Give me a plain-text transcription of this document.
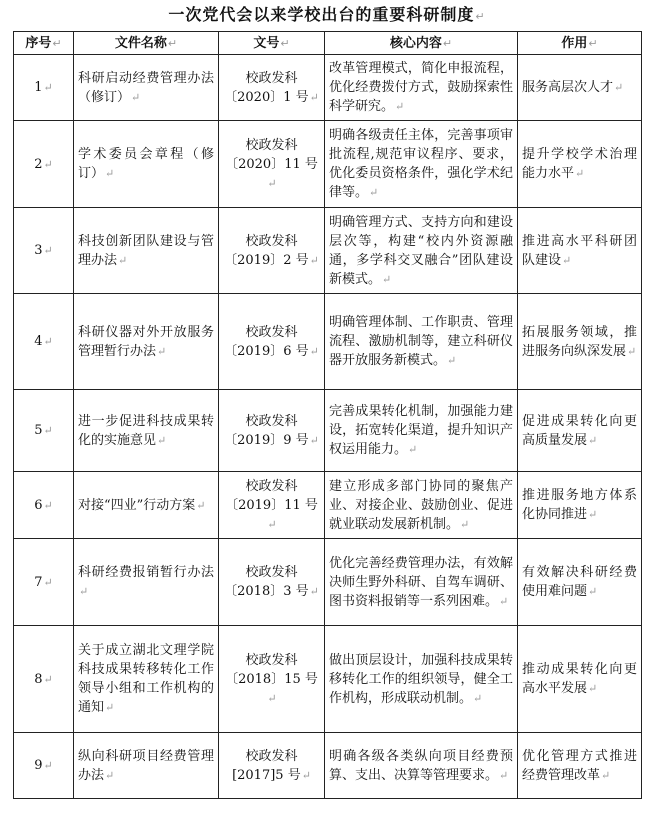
一次党代会以来学校出台的重要科研制度↵
序号↵	文件名称↵	文号↵	核心内容↵	作用↵
1↵	科研启动经费管理办法（修订）↵	校政发科
〔2020〕1 号↵	改革管理模式，简化申报流程，优化经费拨付方式，鼓励探索性科学研究。↵	服务高层次人才↵
2↵	学术委员会章程（修订）↵	校政发科
〔2020〕11 号↵	明确各级责任主体，完善事项审批流程,规范审议程序、要求，优化委员资格条件，强化学术纪律等。↵	提升学校学术治理能力水平↵
3↵	科技创新团队建设与管理办法↵	校政发科
〔2019〕2 号↵	明确管理方式、支持方向和建设层次等，构建“校内外资源融通，多学科交叉融合”团队建设新模式。↵	推进高水平科研团队建设↵
4↵	科研仪器对外开放服务管理暂行办法↵	校政发科
〔2019〕6 号↵	明确管理体制、工作职责、管理流程、激励机制等，建立科研仪器开放服务新模式。↵	拓展服务领域，推进服务向纵深发展↵
5↵	进一步促进科技成果转化的实施意见↵	校政发科
〔2019〕9 号↵	完善成果转化机制，加强能力建设，拓宽转化渠道，提升知识产权运用能力。↵	促进成果转化向更高质量发展↵
6↵	对接“四业”行动方案↵	校政发科
〔2019〕11 号↵	建立形成多部门协同的聚焦产业、对接企业、鼓励创业、促进就业联动发展新机制。↵	推进服务地方体系化协同推进↵
7↵	科研经费报销暂行办法↵	校政发科
〔2018〕3 号↵	优化完善经费管理办法，有效解决师生野外科研、自驾车调研、图书资料报销等一系列困难。↵	有效解决科研经费使用难问题↵
8↵	关于成立湖北文理学院科技成果转移转化工作领导小组和工作机构的通知↵	校政发科
〔2018〕15 号↵	做出顶层设计，加强科技成果转移转化工作的组织领导，健全工作机构，形成联动机制。↵	推动成果转化向更高水平发展↵
9↵	纵向科研项目经费管理办法↵	校政发科
[2017]5 号↵	明确各级各类纵向项目经费预算、支出、决算等管理要求。↵	优化管理方式推进经费管理改革↵
